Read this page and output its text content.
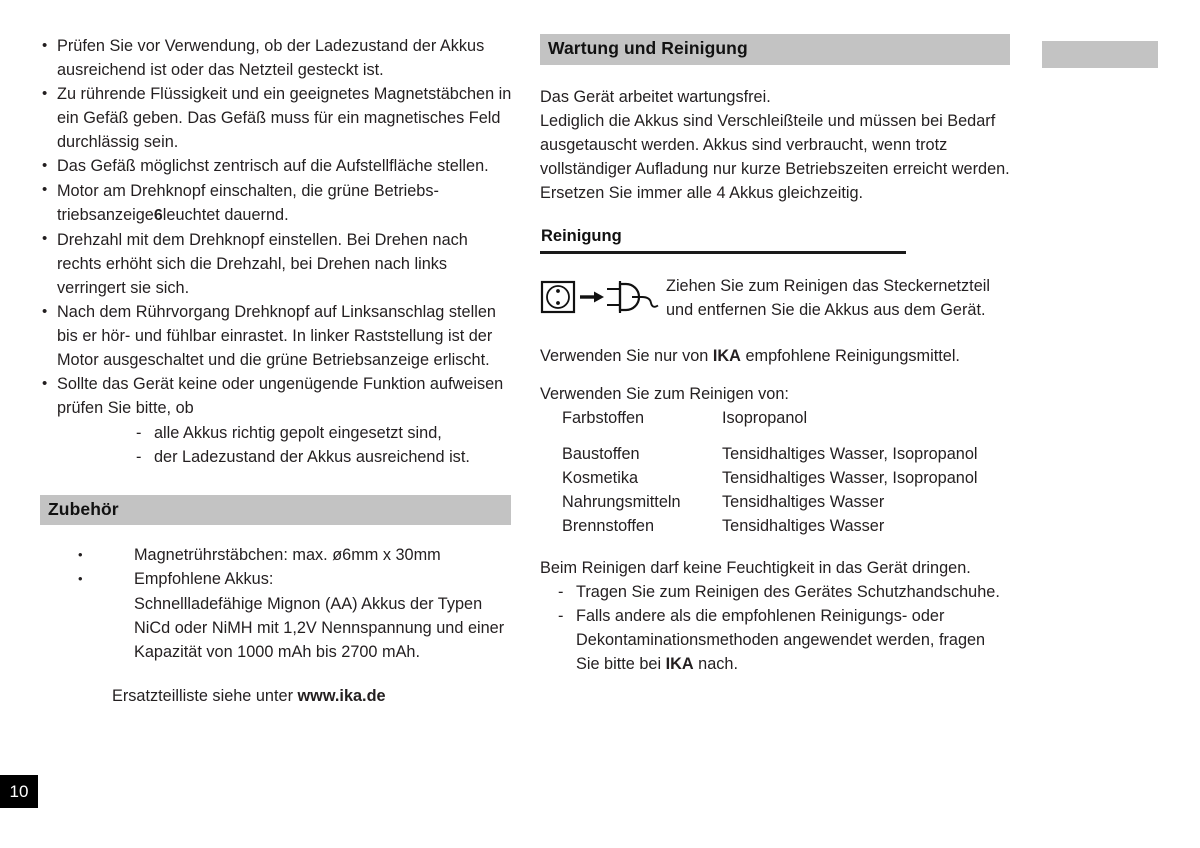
• Prüfen Sie vor Verwendung, ob der Ladezustand der Akkus ausreichend ist oder das Netzteil gesteckt ist.
• Zu rührende Flüssigkeit und ein geeignetes Magnetstäbchen in ein Gefäß geben. Das Gefäß muss für ein magnetisches Feld durchlässig sein.
• Das Gefäß möglichst zentrisch auf die Aufstellfläche stellen.
• Motor am Drehknopf einschalten, die grüne Betriebs- triebsanzeige6leuchtet dauernd.
• Drehzahl mit dem Drehknopf einstellen. Bei Drehen nach rechts erhöht sich die Drehzahl, bei Drehen nach links verringert sie sich.
• Nach dem Rührvorgang Drehknopf auf Linksanschlag stellen bis er hör- und fühlbar einrastet. In linker Raststellung ist der Motor ausgeschaltet und die grüne Betriebsanzeige erlischt.
• Sollte das Gerät keine oder ungenügende Funktion aufweisen prüfen Sie bitte, ob
- alle Akkus richtig gepolt eingesetzt sind,
- der Ladezustand der Akkus ausreichend ist.
Zubehör
•	Magnetrührstäbchen: max. ø6mm x 30mm
•	Empfohlene Akkus:
Schnellladefähige Mignon (AA) Akkus der Typen NiCd oder NiMH mit 1,2V Nennspannung und einer Kapazität von 1000 mAh bis 2700 mAh.
Ersatzteilliste siehe unter www.ika.de
Wartung und Reinigung
Das Gerät arbeitet wartungsfrei.
Lediglich die Akkus sind Verschleißteile und müssen bei Bedarf ausgetauscht werden. Akkus sind verbraucht, wenn trotz vollständiger Aufladung nur kurze Betriebszeiten erreicht werden. Ersetzen Sie immer alle 4 Akkus gleichzeitig.
Reinigung
Ziehen Sie zum Reinigen das Steckernetzteil und entfernen Sie die Akkus aus dem Gerät.
Verwenden Sie nur von IKA empfohlene Reinigungsmittel.
Verwenden Sie zum Reinigen von:
Farbstoffen	Isopropanol

Baustoffen	Tensidhaltiges Wasser, Isopropanol
Kosmetika	Tensidhaltiges Wasser, Isopropanol
Nahrungsmitteln	Tensidhaltiges Wasser
Brennstoffen	Tensidhaltiges Wasser
Beim Reinigen darf keine Feuchtigkeit in das Gerät dringen.
- Tragen Sie zum Reinigen des Gerätes Schutzhandschuhe.
- Falls andere als die empfohlenen Reinigungs- oder Dekontaminationsmethoden angewendet werden, fragen Sie bitte bei IKA nach.
10
